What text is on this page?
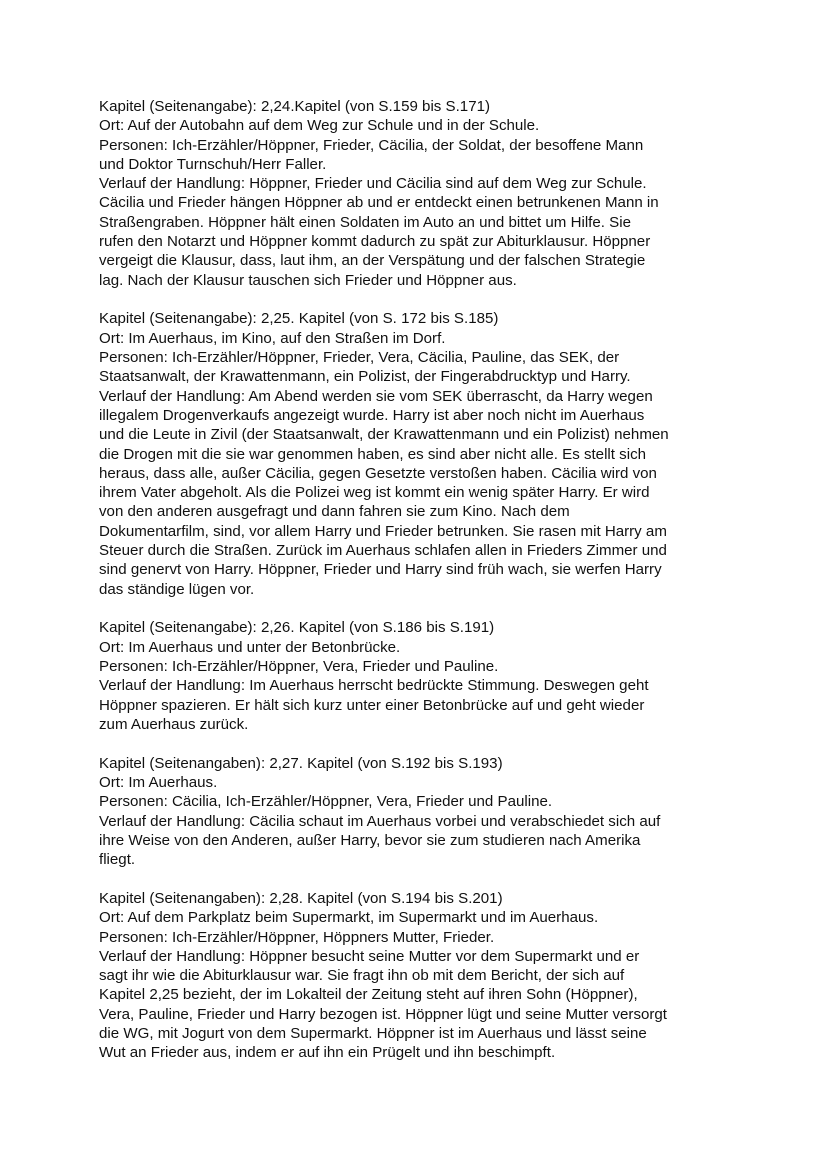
Kapitel (Seitenangabe): 2,24.Kapitel (von S.159 bis S.171)
Ort: Auf der Autobahn auf dem Weg zur Schule und in der Schule.
Personen: Ich-Erzähler/Höppner, Frieder, Cäcilia, der Soldat, der besoffene Mann
und Doktor Turnschuh/Herr Faller.
Verlauf der Handlung: Höppner, Frieder und Cäcilia sind auf dem Weg zur Schule.
Cäcilia und Frieder hängen Höppner ab und er entdeckt einen betrunkenen Mann in
Straßengraben. Höppner hält einen Soldaten im Auto an und bittet um Hilfe. Sie
rufen den Notarzt und Höppner kommt dadurch zu spät zur Abiturklausur. Höppner
vergeigt die Klausur, dass, laut ihm, an der Verspätung und der falschen Strategie
lag. Nach der Klausur tauschen sich Frieder und Höppner aus.
Kapitel (Seitenangabe): 2,25. Kapitel (von S. 172 bis S.185)
Ort: Im Auerhaus, im Kino, auf den Straßen im Dorf.
Personen: Ich-Erzähler/Höppner, Frieder, Vera, Cäcilia, Pauline, das SEK, der
Staatsanwalt, der Krawattenmann, ein Polizist, der Fingerabdrucktyp und Harry.
Verlauf der Handlung: Am Abend werden sie vom SEK überrascht, da Harry wegen
illegalem Drogenverkaufs angezeigt wurde. Harry ist aber noch nicht im Auerhaus
und die Leute in Zivil (der Staatsanwalt, der Krawattenmann und ein Polizist) nehmen
die Drogen mit die sie war genommen haben, es sind aber nicht alle. Es stellt sich
heraus, dass alle, außer Cäcilia, gegen Gesetzte verstoßen haben. Cäcilia wird von
ihrem Vater abgeholt. Als die Polizei weg ist kommt ein wenig später Harry. Er wird
von den anderen ausgefragt und dann fahren sie zum Kino. Nach dem
Dokumentarfilm, sind, vor allem Harry und Frieder betrunken. Sie rasen mit Harry am
Steuer durch die Straßen. Zurück im Auerhaus schlafen allen in Frieders Zimmer und
sind genervt von Harry. Höppner, Frieder und Harry sind früh wach, sie werfen Harry
das ständige lügen vor.
Kapitel (Seitenangabe): 2,26. Kapitel (von S.186 bis S.191)
Ort: Im Auerhaus und unter der Betonbrücke.
Personen: Ich-Erzähler/Höppner, Vera, Frieder und Pauline.
Verlauf der Handlung: Im Auerhaus herrscht bedrückte Stimmung. Deswegen geht
Höppner spazieren. Er hält sich kurz unter einer Betonbrücke auf und geht wieder
zum Auerhaus zurück.
Kapitel (Seitenangaben): 2,27. Kapitel (von S.192 bis S.193)
Ort: Im Auerhaus.
Personen: Cäcilia, Ich-Erzähler/Höppner, Vera, Frieder und Pauline.
Verlauf der Handlung: Cäcilia schaut im Auerhaus vorbei und verabschiedet sich auf
ihre Weise von den Anderen, außer Harry, bevor sie zum studieren nach Amerika
fliegt.
Kapitel (Seitenangaben): 2,28. Kapitel (von S.194 bis S.201)
Ort: Auf dem Parkplatz beim Supermarkt, im Supermarkt und im Auerhaus.
Personen: Ich-Erzähler/Höppner, Höppners Mutter, Frieder.
Verlauf der Handlung: Höppner besucht seine Mutter vor dem Supermarkt und er
sagt ihr wie die Abiturklausur war. Sie fragt ihn ob mit dem Bericht, der sich auf
Kapitel 2,25 bezieht, der im Lokalteil der Zeitung steht auf ihren Sohn (Höppner),
Vera, Pauline, Frieder und Harry bezogen ist. Höppner lügt und seine Mutter versorgt
die WG, mit Jogurt von dem Supermarkt. Höppner ist im Auerhaus und lässt seine
Wut an Frieder aus, indem er auf ihn ein Prügelt und ihn beschimpft.
